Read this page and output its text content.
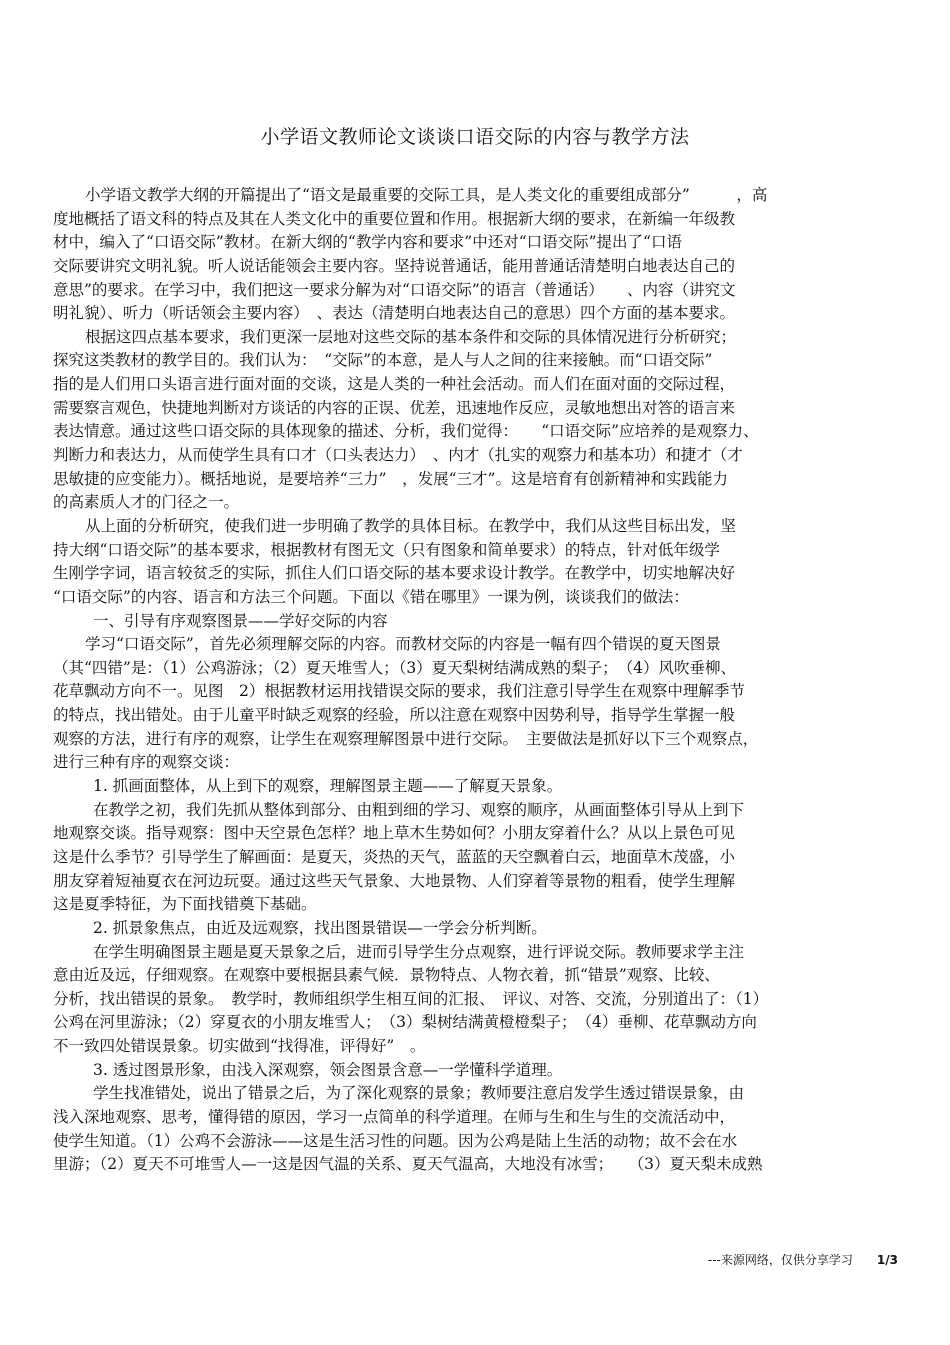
小学语文教师论文谈谈口语交际的内容与教学方法
小学语文教学大纲的开篇提出了“语文是最重要的交际工具，是人类文化的重要组成部分”　　　，高
度地概括了语文科的特点及其在人类文化中的重要位置和作用。根据新大纲的要求，在新编一年级教
材中，编入了“口语交际”教材。在新大纲的“教学内容和要求”中还对“口语交际”提出了“口语
交际要讲究文明礼貌。听人说话能领会主要内容。坚持说普通话，能用普通话清楚明白地表达自己的
意思”的要求。在学习中，我们把这一要求分解为对“口语交际”的语言（普通话）　　、内容（讲究文
明礼貌）、听力（听话领会主要内容）　、表达（清楚明白地表达自己的意思）四个方面的基本要求。
根据这四点基本要求，我们更深一层地对这些交际的基本条件和交际的具体情况进行分析研究；
探究这类教材的教学目的。我们认为：　“交际”的本意，是人与人之间的往来接触。而“口语交际”
指的是人们用口头语言进行面对面的交谈，这是人类的一种社会活动。而人们在面对面的交际过程，
需要察言观色，快捷地判断对方谈话的内容的正误、优差，迅速地作反应，灵敏地想出对答的语言来
表达情意。通过这些口语交际的具体现象的描述、分析，我们觉得：　　“口语交际”应培养的是观察力、
判断力和表达力，从而使学生具有口才（口头表达力）　、内才（扎实的观察力和基本功）和捷才（才
思敏捷的应变能力）。概括地说，是要培养“三力”　，发展“三才”。这是培育有创新精神和实践能力
的高素质人才的门径之一。
从上面的分析研究，使我们进一步明确了教学的具体目标。在教学中，我们从这些目标出发，坚
持大纲“口语交际”的基本要求，根据教材有图无文（只有图象和简单要求）的特点，针对低年级学
生刚学字词，语言较贫乏的实际，抓住人们口语交际的基本要求设计教学。在教学中，切实地解决好
“口语交际”的内容、语言和方法三个问题。下面以《错在哪里》一课为例，谈谈我们的做法：
一、引导有序观察图景——学好交际的内容
学习“口语交际”，首先必须理解交际的内容。而教材交际的内容是一幅有四个错误的夏天图景
（其“四错”是：（1）公鸡游泳；（2）夏天堆雪人；（3）夏天梨树结满成熟的梨子；　（4）风吹垂柳、
花草飘动方向不一。见图　2）根据教材运用找错误交际的要求，我们注意引导学生在观察中理解季节
的特点，找出错处。由于儿童平时缺乏观察的经验，所以注意在观察中因势利导，指导学生掌握一般
观察的方法，进行有序的观察，让学生在观察理解图景中进行交际。　主要做法是抓好以下三个观察点，
进行三种有序的观察交谈：
1. 抓画面整体，从上到下的观察，理解图景主题——了解夏天景象。
在教学之初，我们先抓从整体到部分、由粗到细的学习、观察的顺序，从画面整体引导从上到下
地观察交谈。指导观察：图中天空景色怎样？地上草木生势如何？小朋友穿着什么？从以上景色可见
这是什么季节？引导学生了解画面：是夏天，炎热的天气，蓝蓝的天空飘着白云，地面草木茂盛，小
朋友穿着短袖夏衣在河边玩耍。通过这些天气景象、大地景物、人们穿着等景物的粗看，使学生理解
这是夏季特征，为下面找错奠下基础。
2. 抓景象焦点，由近及远观察，找出图景错误—一学会分析判断。
在学生明确图景主题是夏天景象之后，进而引导学生分点观察，进行评说交际。教师要求学主注
意由近及远，仔细观察。在观察中要根据县素气候．景物特点、人物衣着，抓“错景”观察、比较、
分析，找出错误的景象。　教学时，教师组织学生相互间的汇报、　评议、对答、交流，分别道出了：（1）
公鸡在河里游泳；（2）穿夏衣的小朋友堆雪人；　（3）梨树结满黄橙橙梨子；　（4）垂柳、花草飘动方向
不一致四处错误景象。切实做到“找得准，评得好”　。
3. 透过图景形象，由浅入深观察，领会图景含意—一学懂科学道理。
学生找准错处，说出了错景之后，为了深化观察的景象；教师要注意启发学生透过错误景象，由
浅入深地观察、思考，懂得错的原因，学习一点简单的科学道理。在师与生和生与生的交流活动中，
使学生知道。（1）公鸡不会游泳——这是生活习性的问题。因为公鸡是陆上生活的动物；故不会在水
里游；（2）夏天不可堆雪人—一这是因气温的关系、夏天气温高，大地没有冰雪；　　（3）夏天梨未成熟
---来源网络，仅供分享学习 1/3
